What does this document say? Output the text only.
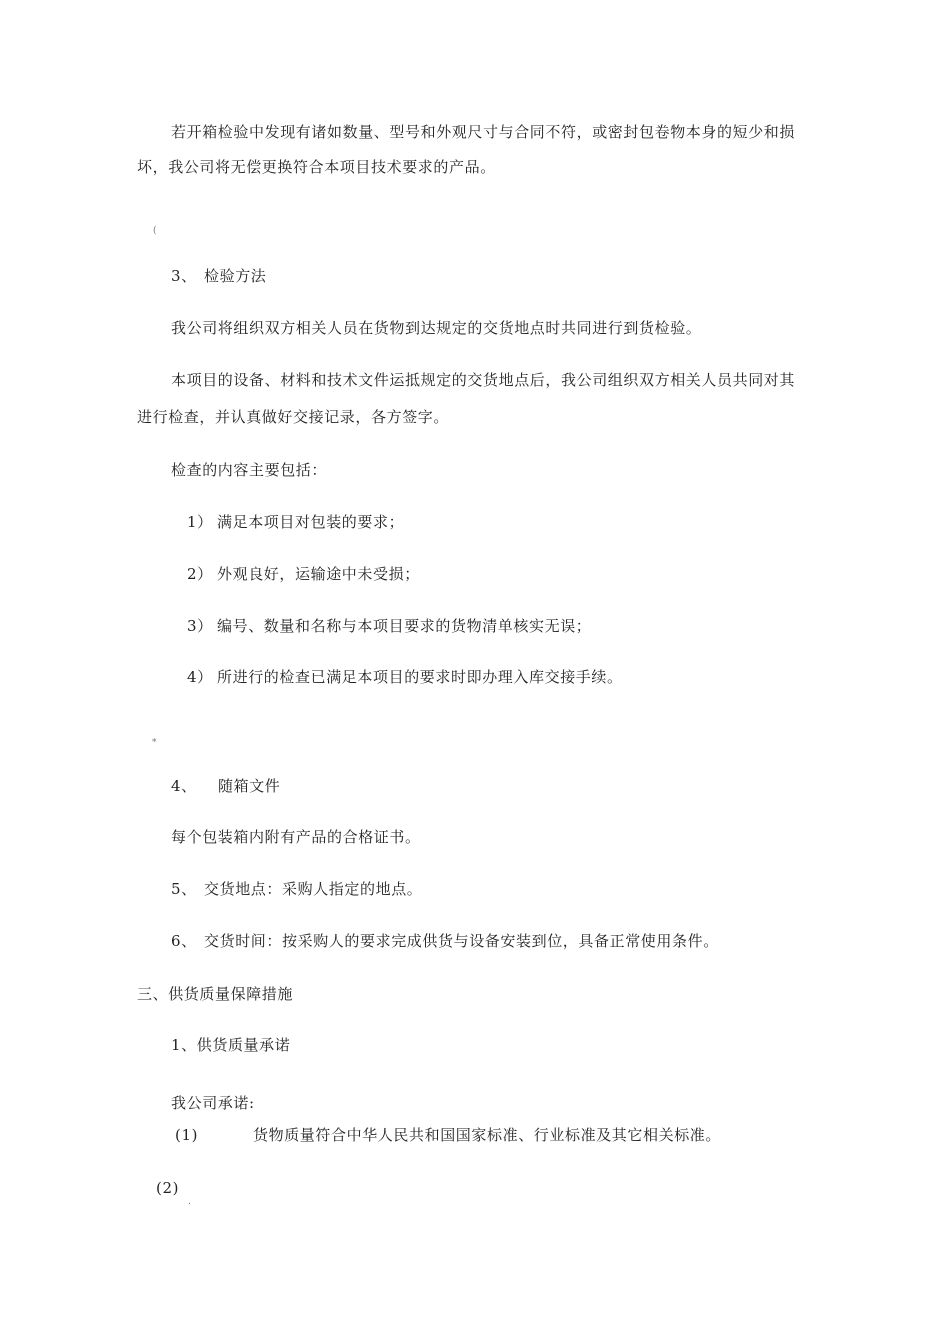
若开箱检验中发现有诸如数量、型号和外观尺寸与合同不符，或密封包卷物本身的短少和损
坏，我公司将无偿更换符合本项目技术要求的产品。
(
3、 检验方法
我公司将组织双方相关人员在货物到达规定的交货地点时共同进行到货检验。
本项目的设备、材料和技术文件运抵规定的交货地点后，我公司组织双方相关人员共同对其
进行检查，并认真做好交接记录，各方签字。
检查的内容主要包括：
1） 满足本项目对包装的要求；
2） 外观良好，运输途中未受损；
3） 编号、数量和名称与本项目要求的货物清单核实无误；
4） 所进行的检查已满足本项目的要求时即办理入库交接手续。
*
4、 随箱文件
每个包装箱内附有产品的合格证书。
5、 交货地点：采购人指定的地点。
6、 交货时间：按采购人的要求完成供货与设备安装到位，具备正常使用条件。
三、供货质量保障措施
1、供货质量承诺
我公司承诺:
(1)	货物质量符合中华人民共和国国家标准、行业标准及其它相关标准。
(2)
.
